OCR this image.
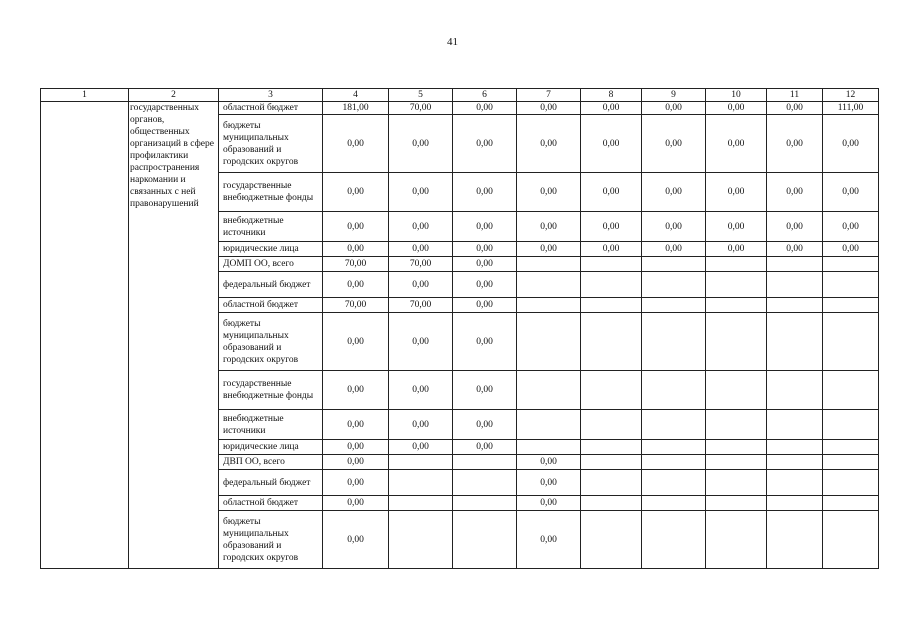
41
1	2	3	4	5	6	7	8	9	10	11	12
	государственных органов, общественных организаций в сфере профилактики распространения наркомании и связанных с ней правонарушений	областной бюджет	181,00	70,00	0,00	0,00	0,00	0,00	0,00	0,00	111,00
		бюджеты муниципальных образований и городских округов	0,00	0,00	0,00	0,00	0,00	0,00	0,00	0,00	0,00
		государственные внебюджетные фонды	0,00	0,00	0,00	0,00	0,00	0,00	0,00	0,00	0,00
		внебюджетные источники	0,00	0,00	0,00	0,00	0,00	0,00	0,00	0,00	0,00
		юридические лица	0,00	0,00	0,00	0,00	0,00	0,00	0,00	0,00	0,00
		ДОМП ОО, всего	70,00	70,00	0,00						
		федеральный бюджет	0,00	0,00	0,00						
		областной бюджет	70,00	70,00	0,00						
		бюджеты муниципальных образований и городских округов	0,00	0,00	0,00						
		государственные внебюджетные фонды	0,00	0,00	0,00						
		внебюджетные источники	0,00	0,00	0,00						
		юридические лица	0,00	0,00	0,00						
		ДВП ОО, всего	0,00			0,00					
		федеральный бюджет	0,00			0,00					
		областной бюджет	0,00			0,00					
		бюджеты муниципальных образований и городских округов	0,00			0,00					
